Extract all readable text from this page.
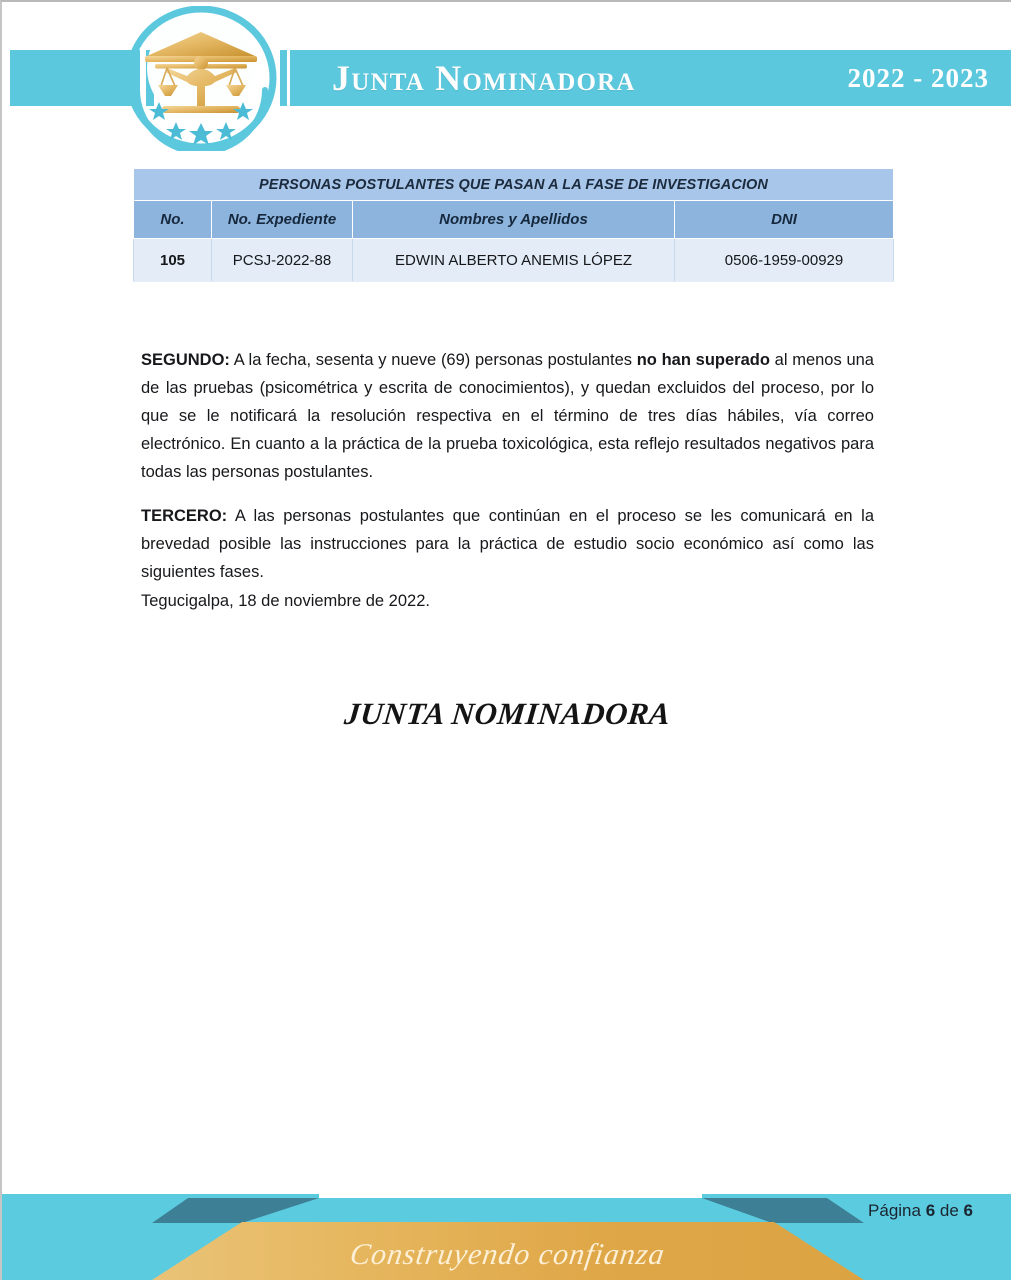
Junta Nominadora	2022 - 2023
PERSONAS POSTULANTES QUE PASAN A LA FASE DE INVESTIGACION			
No.	No. Expediente	Nombres y Apellidos	DNI
105	PCSJ-2022-88	EDWIN ALBERTO ANEMIS LÓPEZ	0506-1959-00929

SEGUNDO: A la fecha, sesenta y nueve (69) personas postulantes no han superado al menos una de las pruebas (psicométrica y escrita de conocimientos), y quedan excluidos del proceso, por lo que se le notificará la resolución respectiva en el término de tres días hábiles, vía correo electrónico. En cuanto a la práctica de la prueba toxicológica, esta reflejo resultados negativos para todas las personas postulantes.

TERCERO: A las personas postulantes que continúan en el proceso se les comunicará en la brevedad posible las instrucciones para la práctica de estudio socio económico así como las siguientes fases.

Tegucigalpa, 18 de noviembre de 2022.

JUNTA NOMINADORA
Construyendo confianza
Página 6 de 6
